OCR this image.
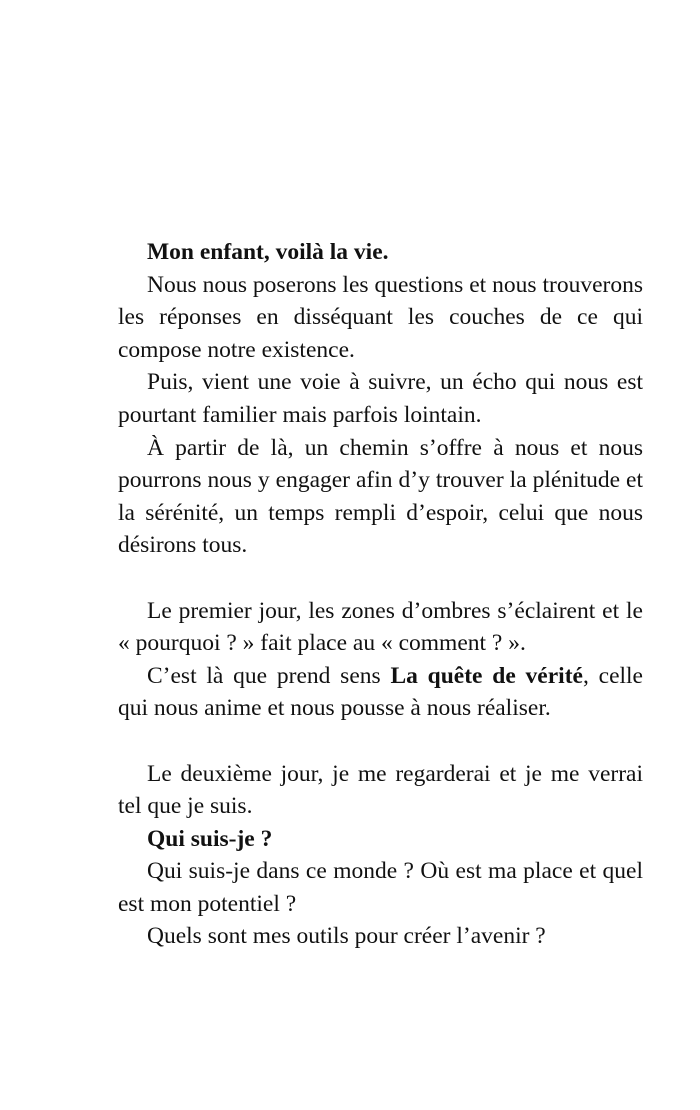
Mon enfant, voilà la vie.

Nous nous poserons les questions et nous trouverons les réponses en disséquant les couches de ce qui compose notre existence.

Puis, vient une voie à suivre, un écho qui nous est pourtant familier mais parfois lointain.

À partir de là, un chemin s’offre à nous et nous pourrons nous y engager afin d’y trouver la plénitude et la sérénité, un temps rempli d’espoir, celui que nous désirons tous.

Le premier jour, les zones d’ombres s’éclairent et le « pourquoi ? » fait place au « comment ? ».

C’est là que prend sens La quête de vérité, celle qui nous anime et nous pousse à nous réaliser.

Le deuxième jour, je me regarderai et je me verrai tel que je suis.

Qui suis-je ?

Qui suis-je dans ce monde ? Où est ma place et quel est mon potentiel ?

Quels sont mes outils pour créer l’avenir ?
